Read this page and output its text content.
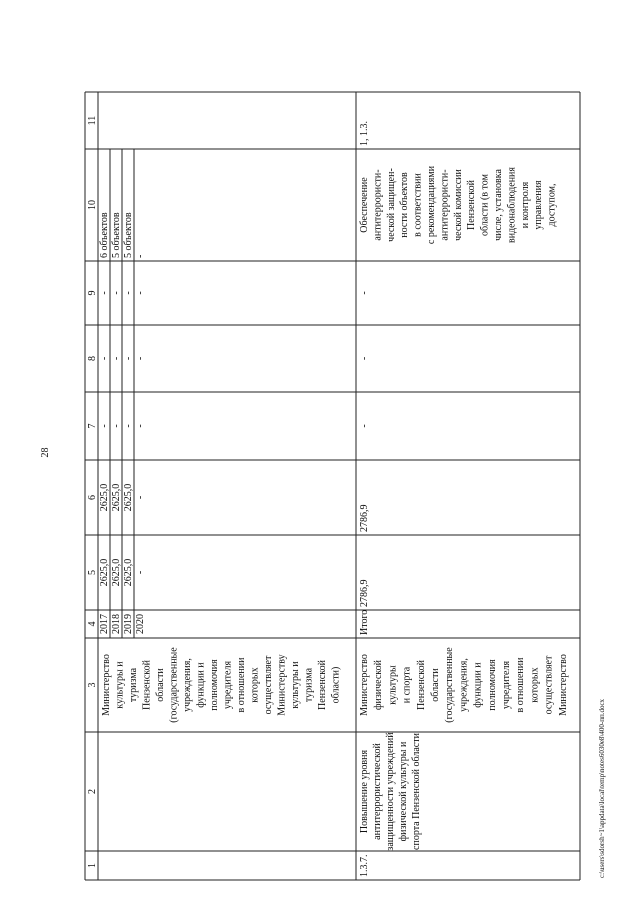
1
2
3
4
5
6
7
8
9
10
11
2017 2018 2019 2020
2625,0 2625,0 2625,0 -
2625,0 2625,0 2625,0 -
- - - -
- - - -
- - - -
6 объектов 5 объектов 5 объектов -
Министерство культуры и туризма Пензенской области (государственные учреждения, функции и полномочия учредителя в отношении которых осуществляет Министерству культуры и туризма Пензенской области)
1.3.7.
Повышение уровня антитеррористической защищенности учреждений физической культуры и спорта Пензенской области
Министерство физической культуры и спорта Пензенской области (государственные учреждения, функции и полномочия учредителя в отношении которых осуществляет Министерство
Итого
2786,9
2786,9
-
-
-
Обеспечение антитеррористи- ческой защищен- ности объектов в соответствии с рекомендациями антитеррористи- ческой комиссии Пензенской области (в том числе, установка видеонаблюдения и контроля управления доступом,
1, 1.3.
28
c:\users\sdorsh~1\appdata\local\temp\notes6030e8\400-пп.docx
